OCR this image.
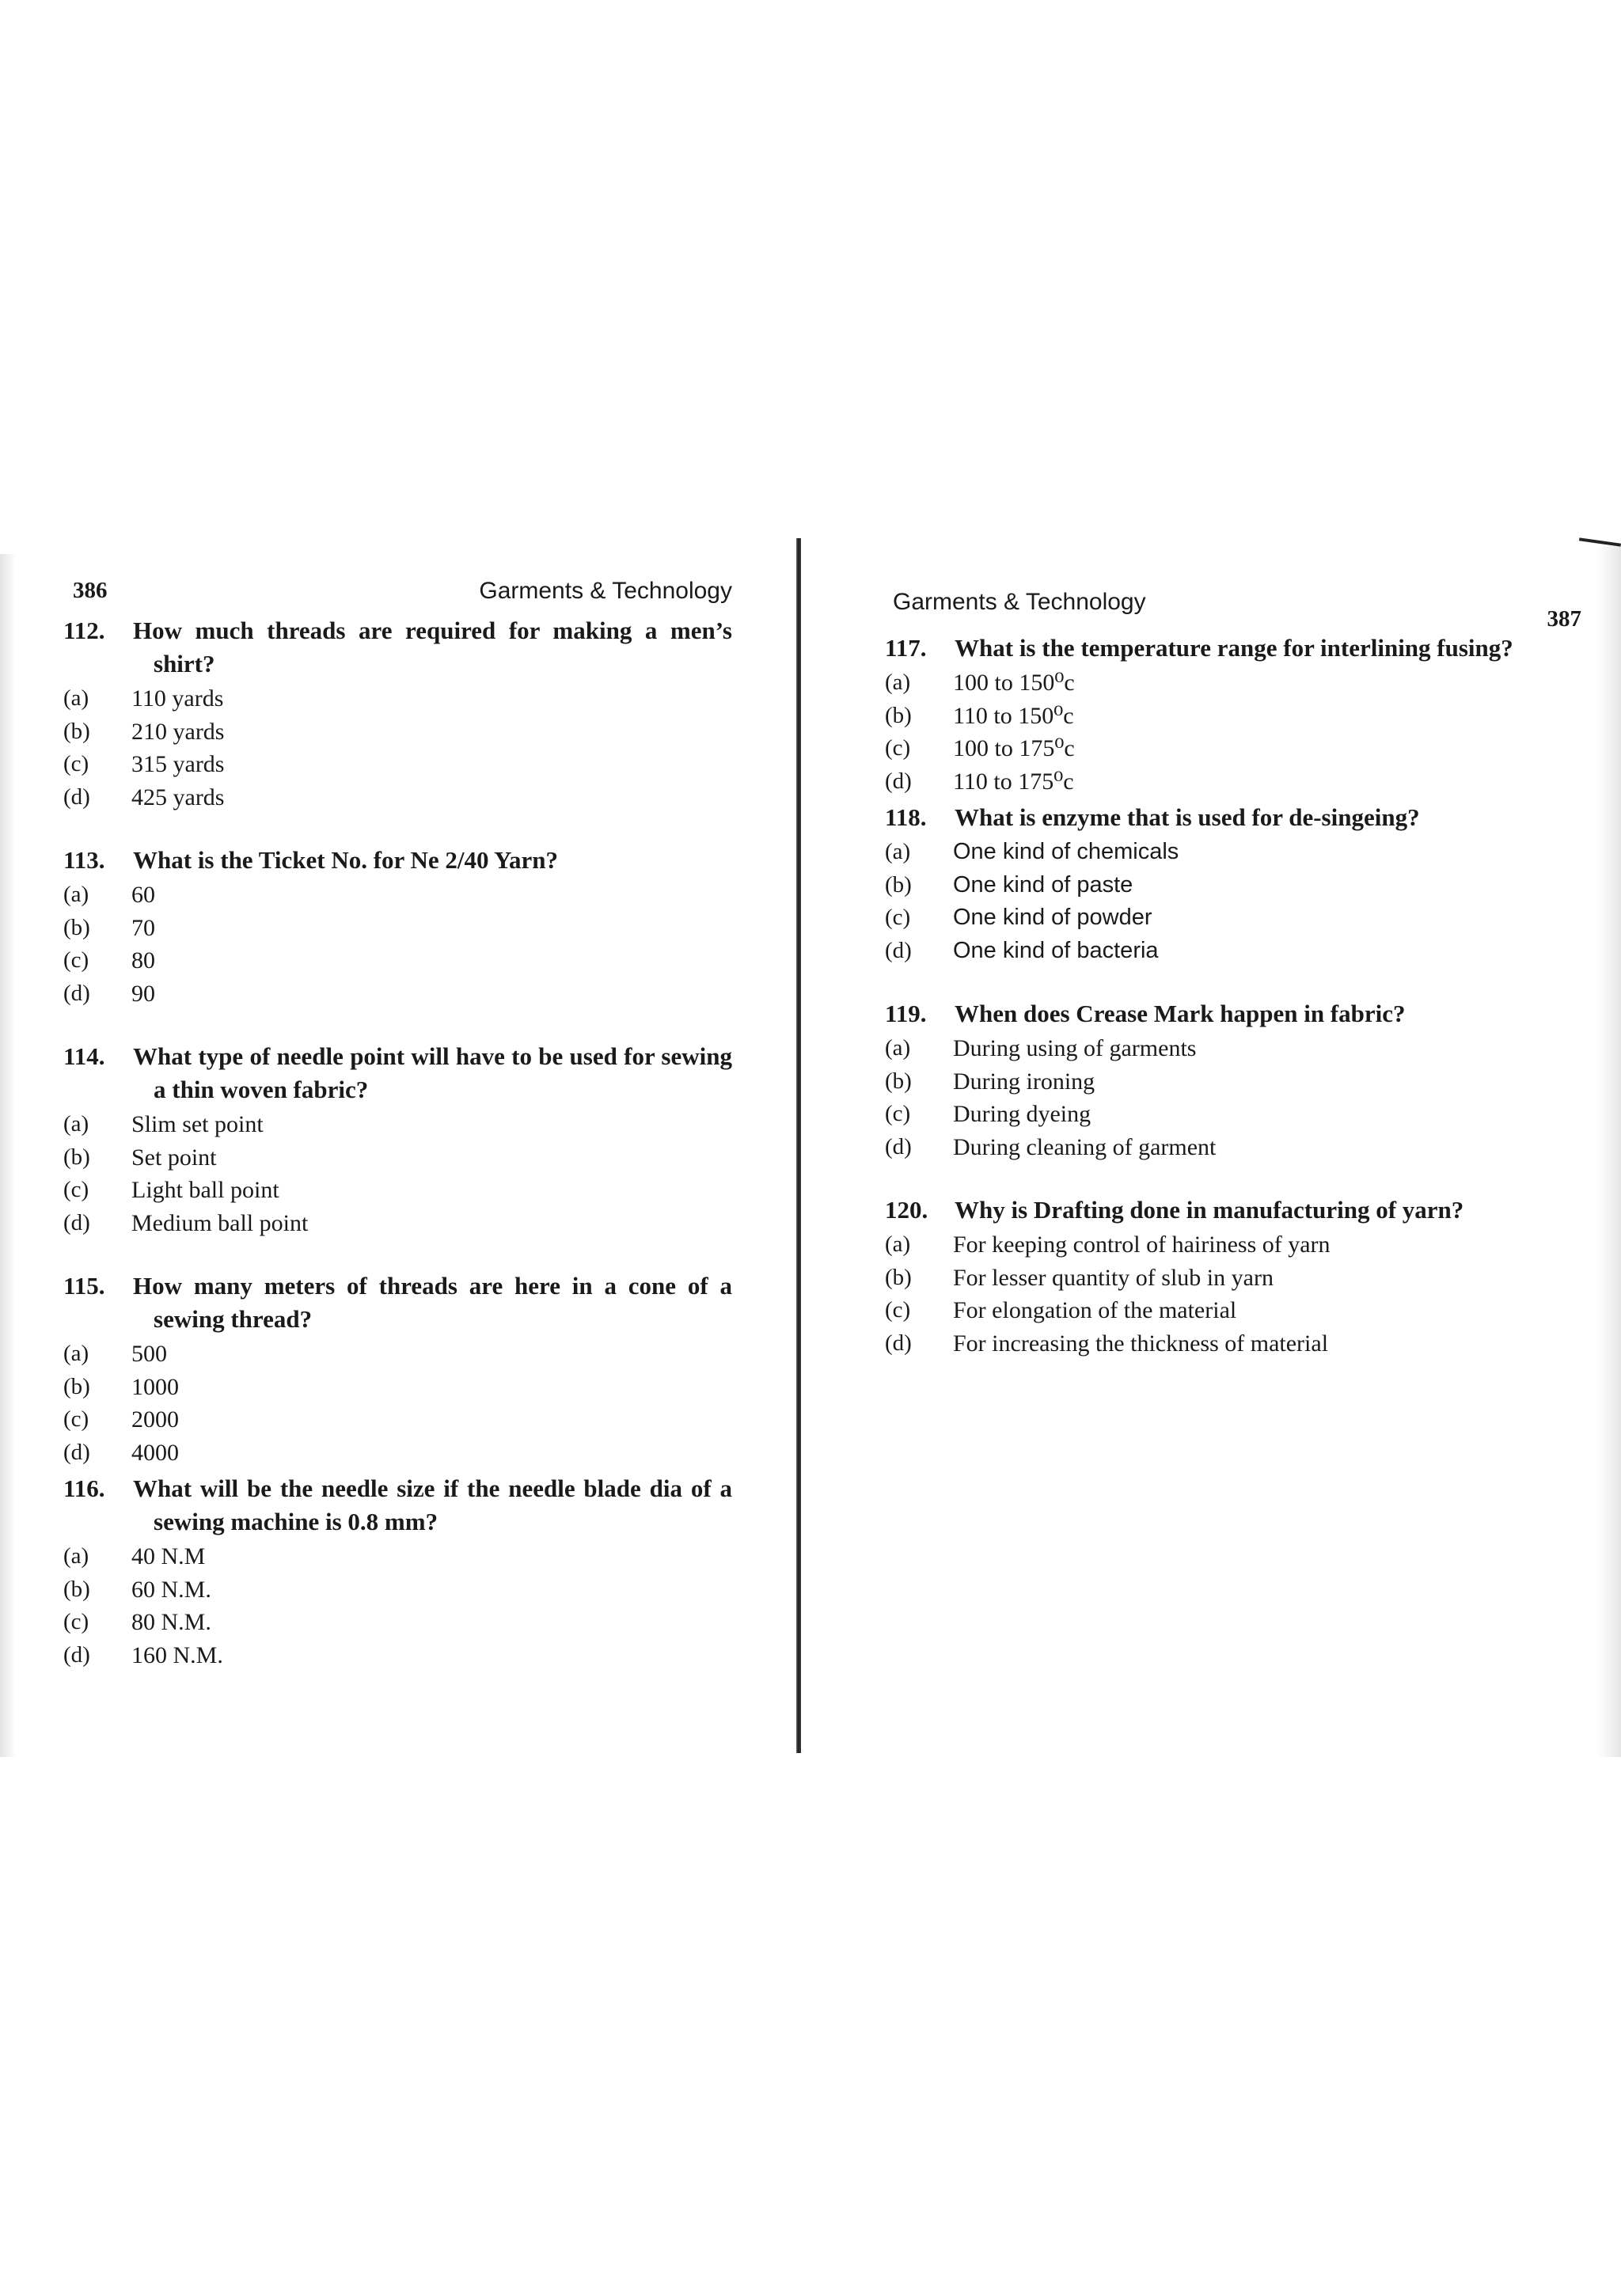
386	Garments & Technology
112.	How much threads are required for making a men’s shirt?
(a)	110 yards
(b)	210 yards
(c)	315 yards
(d)	425 yards
113.	What is the Ticket No. for Ne 2/40 Yarn?
(a)	60
(b)	70
(c)	80
(d)	90
114.	What type of needle point will have to be used for sewing a thin woven fabric?
(a)	Slim set point
(b)	Set point
(c)	Light ball point
(d)	Medium ball point
115.	How many meters of threads are here in a cone of a sewing thread?
(a)	500
(b)	1000
(c)	2000
(d)	4000
116.	What will be the needle size if the needle blade dia of a sewing machine is 0.8 mm?
(a)	40 N.M
(b)	60 N.M.
(c)	80 N.M.
(d)	160 N.M.
Garments & Technology
387
117.	What is the temperature range for interlining fusing?
(a)	100 to 150⁰c
(b)	110 to 150⁰c
(c)	100 to 175⁰c
(d)	110 to 175⁰c
118.	What is enzyme that is used for de-singeing?
(a)	One kind of chemicals
(b)	One kind of paste
(c)	One kind of powder
(d)	One kind of bacteria
119.	When does Crease Mark happen in fabric?
(a)	During using of garments
(b)	During ironing
(c)	During dyeing
(d)	During cleaning of garment
120.	Why is Drafting done in manufacturing of yarn?
(a)	For keeping control of hairiness of yarn
(b)	For lesser quantity of slub in yarn
(c)	For elongation of the material
(d)	For increasing the thickness of material
